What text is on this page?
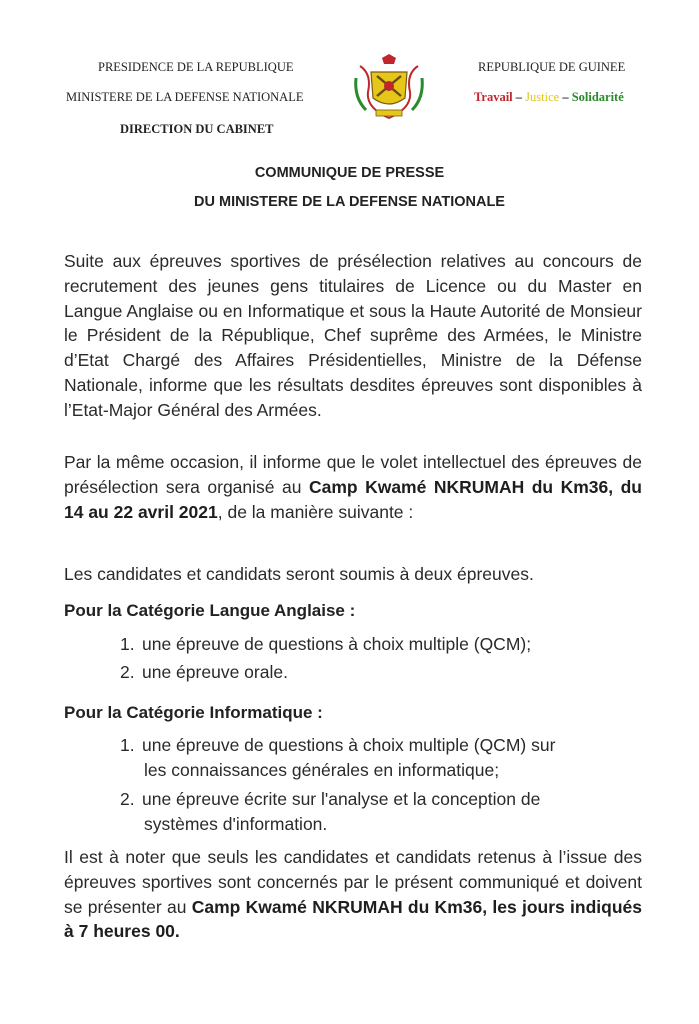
PRESIDENCE DE LA REPUBLIQUE
MINISTERE DE LA DEFENSE NATIONALE
DIRECTION DU CABINET
REPUBLIQUE DE GUINEE
Travail – Justice – Solidarité
COMMUNIQUE DE PRESSE
DU MINISTERE DE LA DEFENSE NATIONALE
Suite aux épreuves sportives de présélection relatives au concours de recrutement des jeunes gens titulaires de Licence ou du Master en Langue Anglaise ou en Informatique et sous la Haute Autorité de Monsieur le Président de la République, Chef suprême des Armées, le Ministre d’Etat Chargé des Affaires Présidentielles, Ministre de la Défense Nationale, informe que les résultats desdites épreuves sont disponibles à l’Etat-Major Général des Armées.
Par la même occasion, il informe que le volet intellectuel des épreuves de présélection sera organisé au Camp Kwamé NKRUMAH du Km36, du 14 au 22 avril 2021, de la manière suivante :
Les candidates et candidats seront soumis à deux épreuves.
Pour la Catégorie Langue Anglaise :
1. une épreuve de questions à choix multiple (QCM);
2. une épreuve orale.
Pour la Catégorie Informatique :
1. une épreuve de questions à choix multiple (QCM) sur
les connaissances générales en informatique;
2. une épreuve écrite sur l'analyse et la conception de
systèmes d'information.
Il est à noter que seuls les candidates et candidats retenus à l’issue des épreuves sportives sont concernés par le présent communiqué et doivent se présenter au Camp Kwamé NKRUMAH du Km36, les jours indiqués à 7 heures 00.
